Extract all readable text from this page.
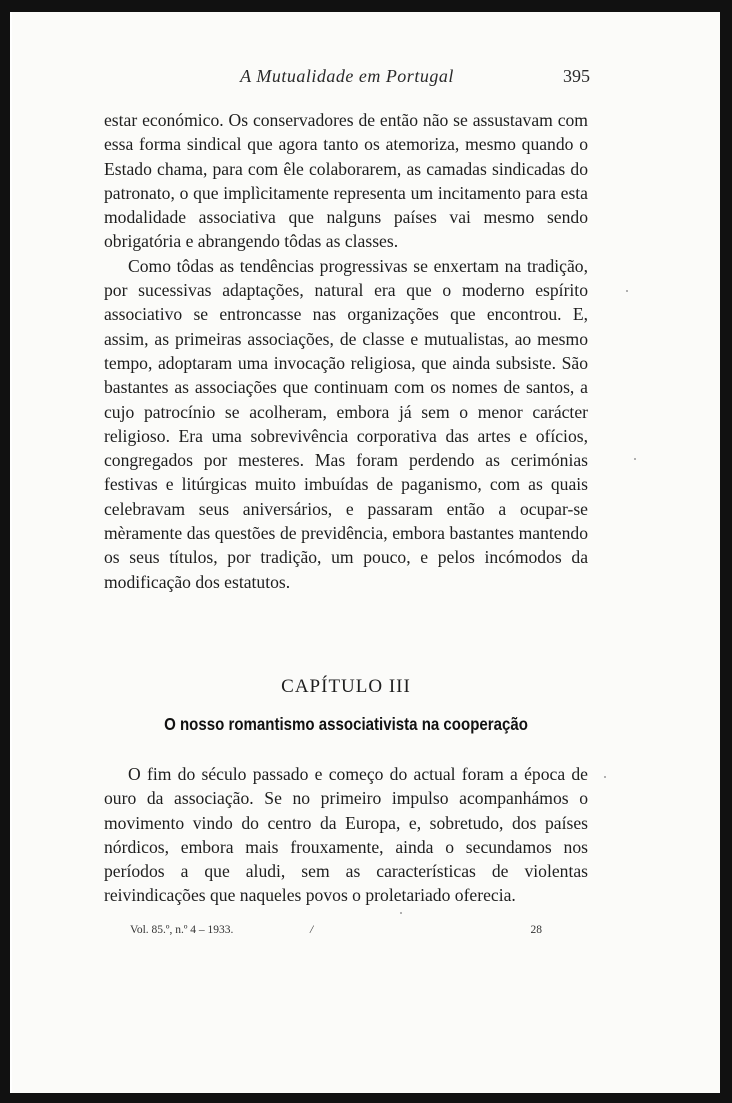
A Mutualidade em Portugal	395

estar económico. Os conservadores de então não se assustavam com essa forma sindical que agora tanto os atemoriza, mesmo quando o Estado chama, para com êle colaborarem, as camadas sindicadas do patronato, o que implìcitamente representa um incitamento para esta modalidade associativa que nalguns países vai mesmo sendo obrigatória e abrangendo tôdas as classes.

Como tôdas as tendências progressivas se enxertam na tradição, por sucessivas adaptações, natural era que o moderno espírito associativo se entroncasse nas organizações que encontrou. E, assim, as primeiras associações, de classe e mutualistas, ao mesmo tempo, adoptaram uma invocação religiosa, que ainda subsiste. São bastantes as associações que continuam com os nomes de santos, a cujo patrocínio se acolheram, embora já sem o menor carácter religioso. Era uma sobrevivência corporativa das artes e ofícios, congregados por mesteres. Mas foram perdendo as cerimónias festivas e litúrgicas muito imbuídas de paganismo, com as quais celebravam seus aniversários, e passaram então a ocupar-se mèramente das questões de previdência, embora bastantes mantendo os seus títulos, por tradição, um pouco, e pelos incómodos da modificação dos estatutos.

CAPÍTULO III
O nosso romantismo associativista na cooperação

O fim do século passado e começo do actual foram a época de ouro da associação. Se no primeiro impulso acompanhámos o movimento vindo do centro da Europa, e, sobretudo, dos países nórdicos, embora mais frouxamente, ainda o secundamos nos períodos a que aludi, sem as características de violentas reivindicações que naqueles povos o proletariado oferecia.

Vol. 85.º, n.º 4 – 1933.	/	28
